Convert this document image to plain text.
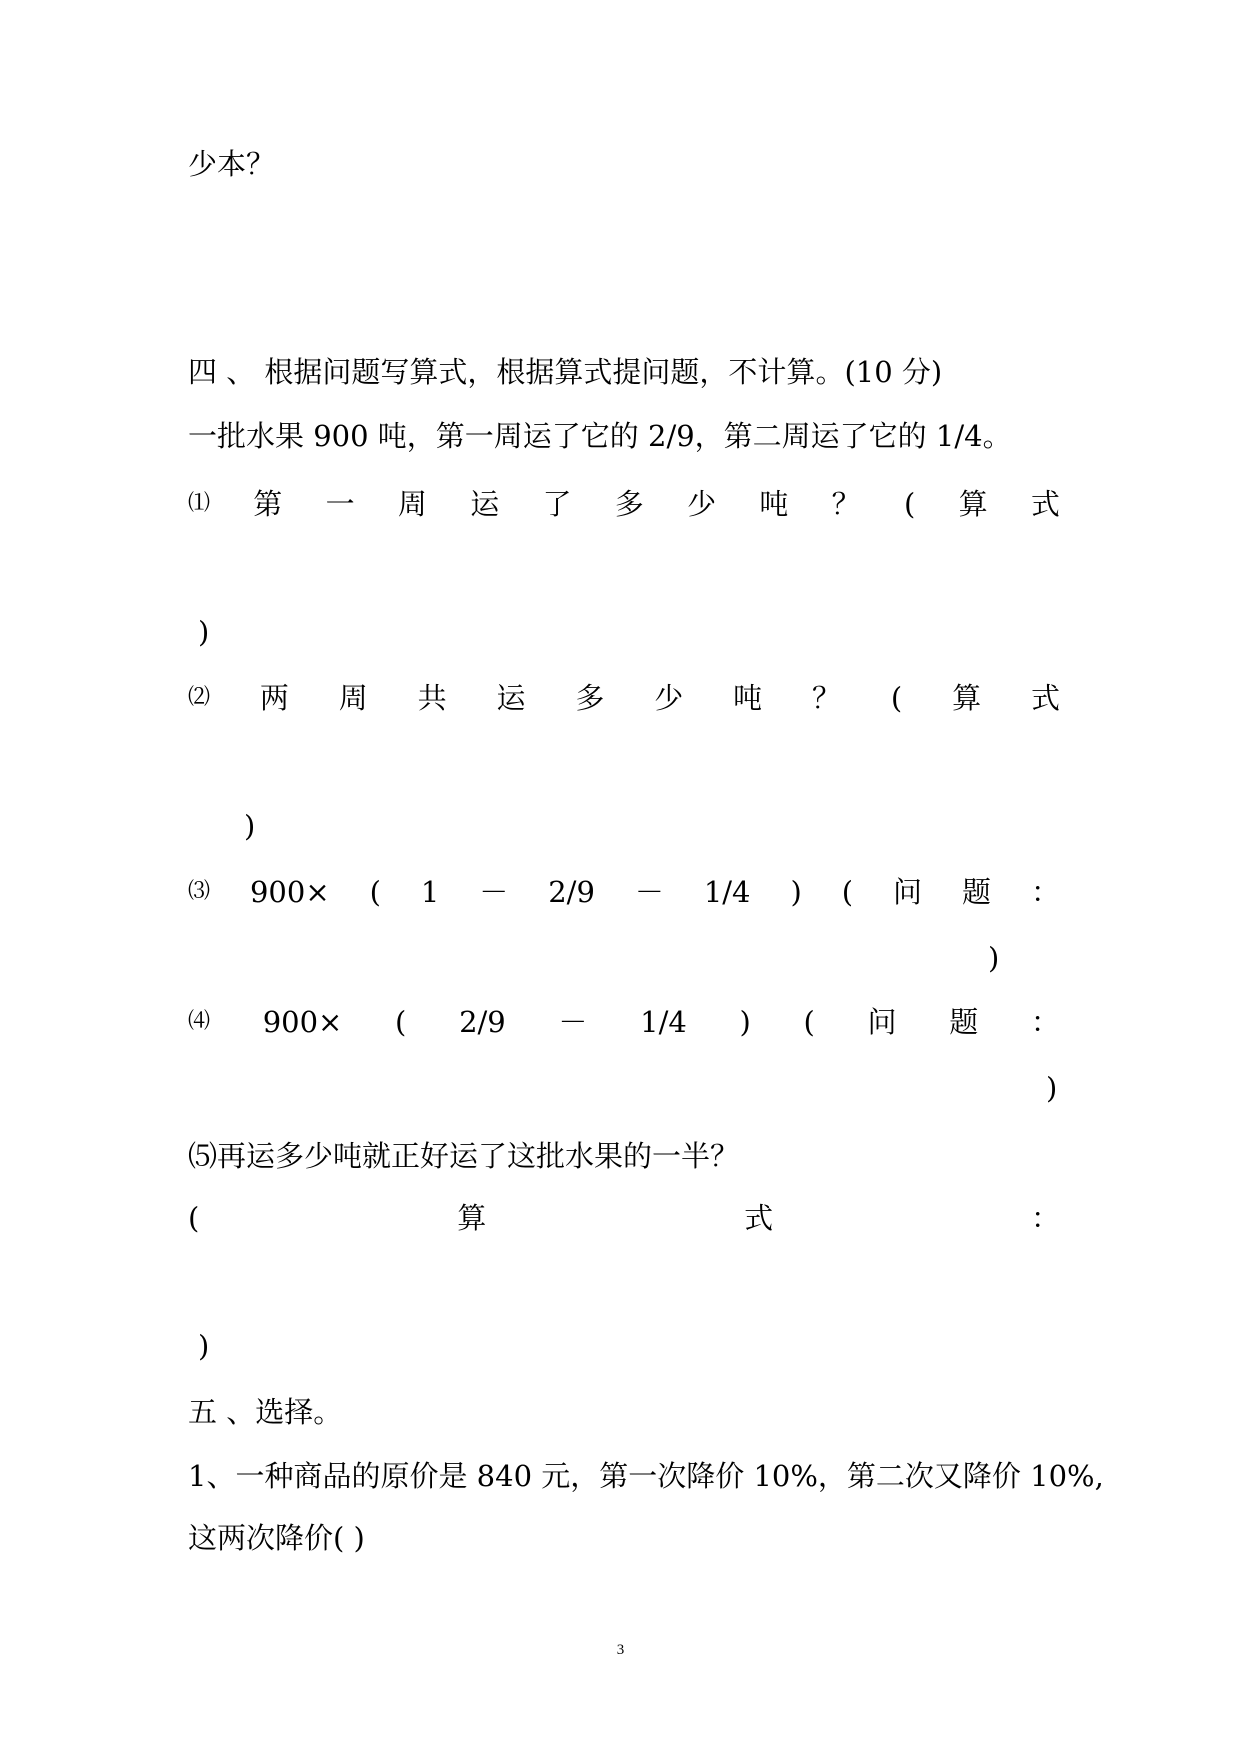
少本？
四 、 根据问题写算式，根据算式提问题，不计算。(10 分)
一批水果 900 吨，第一周运了它的 2/9，第二周运了它的 1/4。
⑴ 第 一 周 运 了 多 少 吨 ？ ( 算 式
)
⑵ 两 周 共 运 多 少 吨 ？ ( 算 式
)
⑶ 900× ( 1 － 2/9 － 1/4 ) ( 问 题 ：
)
⑷ 900× ( 2/9 － 1/4 ) ( 问 题 ：
)
⑸再运多少吨就正好运了这批水果的一半？
(	算	式	：
)
五 、选择。
1、一种商品的原价是 840 元，第一次降价 10%，第二次又降价 10%,
这两次降价( )
3
